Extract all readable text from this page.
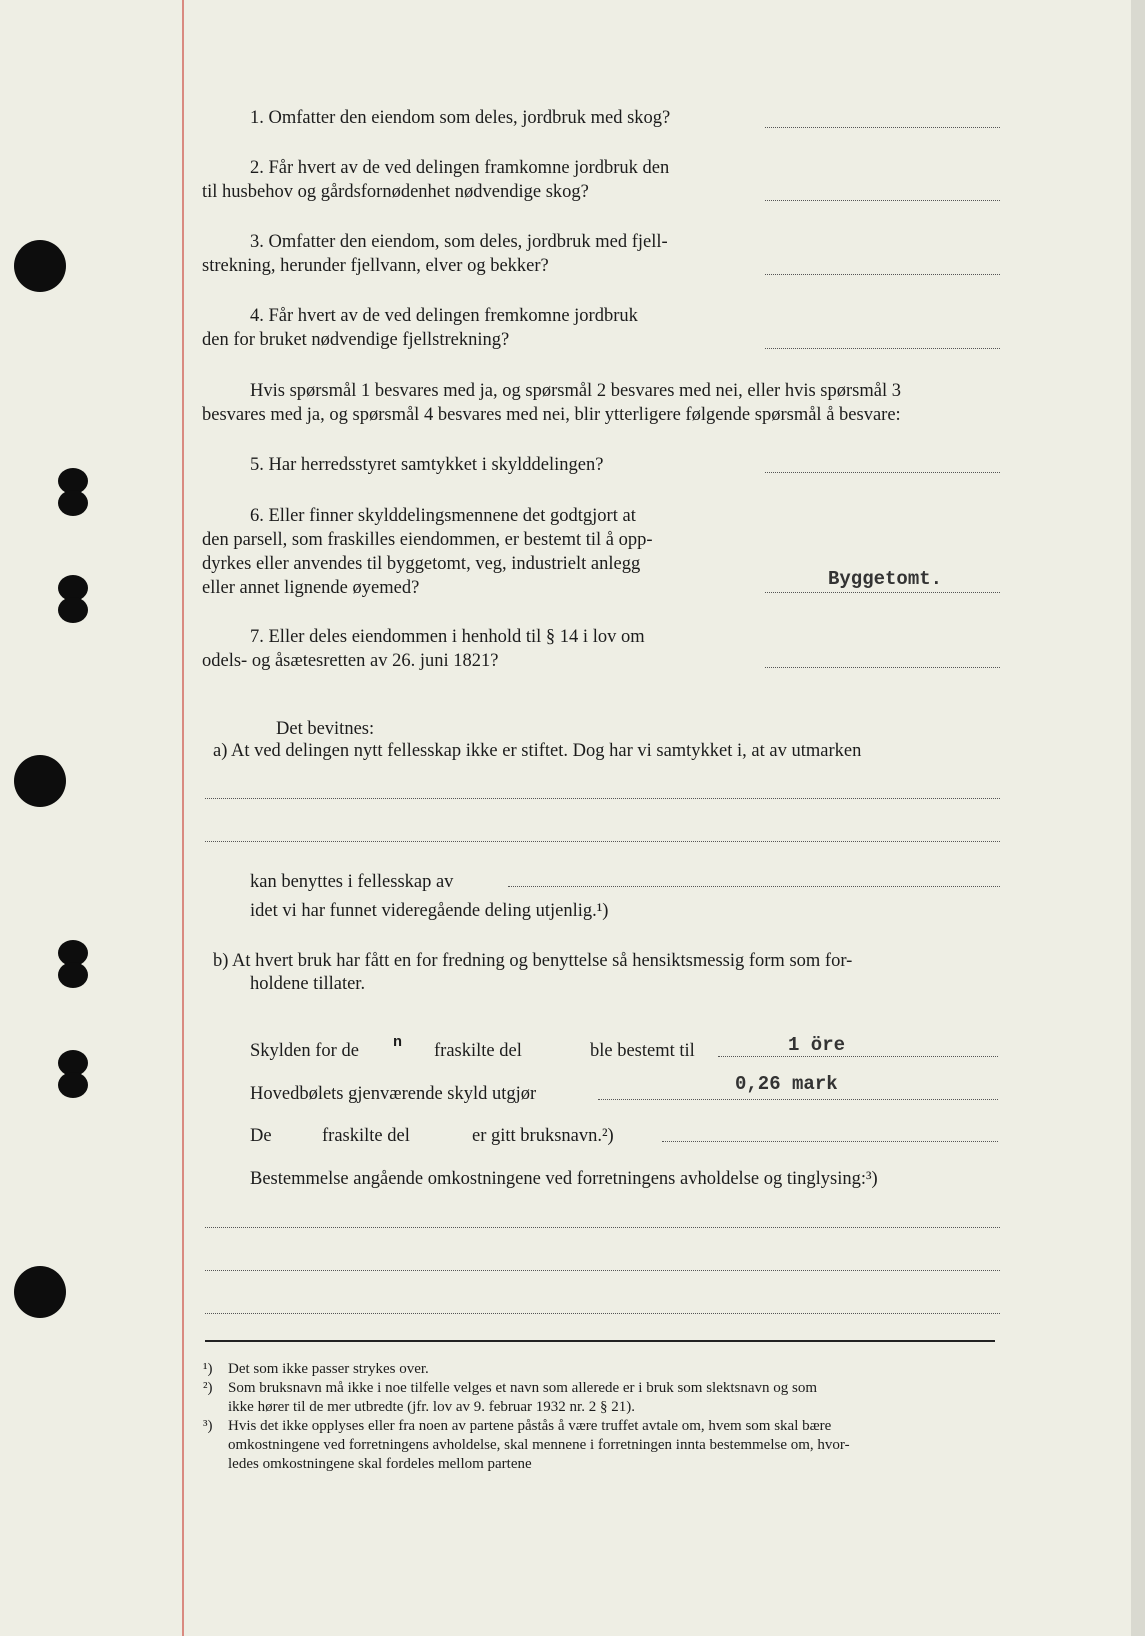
1. Omfatter den eiendom som deles, jordbruk med skog?
2. Får hvert av de ved delingen framkomne jordbruk den
til husbehov og gårdsfornødenhet nødvendige skog?
3. Omfatter den eiendom, som deles, jordbruk med fjell-
strekning, herunder fjellvann, elver og bekker?
4. Får hvert av de ved delingen fremkomne jordbruk
den for bruket nødvendige fjellstrekning?
Hvis spørsmål 1 besvares med ja, og spørsmål 2 besvares med nei, eller hvis spørsmål 3
besvares med ja, og spørsmål 4 besvares med nei, blir ytterligere følgende spørsmål å besvare:
5. Har herredsstyret samtykket i skylddelingen?
6. Eller finner skylddelingsmennene det godtgjort at
den parsell, som fraskilles eiendommen, er bestemt til å opp-
dyrkes eller anvendes til byggetomt, veg, industrielt anlegg
eller annet lignende øyemed?	Byggetomt.
7. Eller deles eiendommen i henhold til § 14 i lov om
odels- og åsætesretten av 26. juni 1821?
Det bevitnes:
a) At ved delingen nytt fellesskap ikke er stiftet. Dog har vi samtykket i, at av utmarken
kan benyttes i fellesskap av
idet vi har funnet videregående deling utjenlig.¹)
b) At hvert bruk har fått en for fredning og benyttelse så hensiktsmessig form som for-
holdene tillater.
Skylden for de n fraskilte del	ble bestemt til	1 öre
Hovedbølets gjenværende skyld utgjør	0,26 mark
De	fraskilte del	er gitt bruksnavn.²)
Bestemmelse angående omkostningene ved forretningens avholdelse og tinglysing:³)
¹) Det som ikke passer strykes over.
²) Som bruksnavn må ikke i noe tilfelle velges et navn som allerede er i bruk som slektsnavn og som
ikke hører til de mer utbredte (jfr. lov av 9. februar 1932 nr. 2 § 21).
³) Hvis det ikke opplyses eller fra noen av partene påstås å være truffet avtale om, hvem som skal bære
omkostningene ved forretningens avholdelse, skal mennene i forretningen innta bestemmelse om, hvor-
ledes omkostningene skal fordeles mellom partene
